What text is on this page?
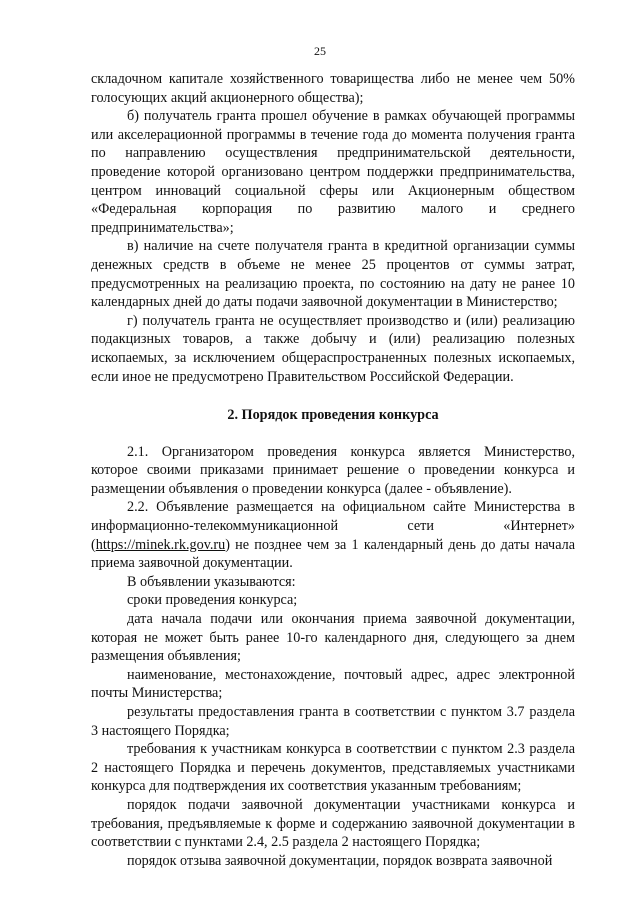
25

складочном капитале хозяйственного товарищества либо не менее чем 50% голосующих акций акционерного общества);

б) получатель гранта прошел обучение в рамках обучающей программы или акселерационной программы в течение года до момента получения гранта по направлению осуществления предпринимательской деятельности, проведение которой организовано центром поддержки предпринимательства, центром инноваций социальной сферы или Акционерным обществом «Федеральная корпорация по развитию малого и среднего предпринимательства»;

в) наличие на счете получателя гранта в кредитной организации суммы денежных средств в объеме не менее 25 процентов от суммы затрат, предусмотренных на реализацию проекта, по состоянию на дату не ранее 10 календарных дней до даты подачи заявочной документации в Министерство;

г) получатель гранта не осуществляет производство и (или) реализацию подакцизных товаров, а также добычу и (или) реализацию полезных ископаемых, за исключением общераспространенных полезных ископаемых, если иное не предусмотрено Правительством Российской Федерации.

2. Порядок проведения конкурса

2.1. Организатором проведения конкурса является Министерство, которое своими приказами принимает решение о проведении конкурса и размещении объявления о проведении конкурса (далее - объявление).

2.2. Объявление размещается на официальном сайте Министерства в информационно-телекоммуникационной сети «Интернет» (https://minek.rk.gov.ru) не позднее чем за 1 календарный день до даты начала приема заявочной документации.

В объявлении указываются:

сроки проведения конкурса;

дата начала подачи или окончания приема заявочной документации, которая не может быть ранее 10-го календарного дня, следующего за днем размещения объявления;

наименование, местонахождение, почтовый адрес, адрес электронной почты Министерства;

результаты предоставления гранта в соответствии с пунктом 3.7 раздела 3 настоящего Порядка;

требования к участникам конкурса в соответствии с пунктом 2.3 раздела 2 настоящего Порядка и перечень документов, представляемых участниками конкурса для подтверждения их соответствия указанным требованиям;

порядок подачи заявочной документации участниками конкурса и требования, предъявляемые к форме и содержанию заявочной документации в соответствии с пунктами 2.4, 2.5 раздела 2 настоящего Порядка;

порядок отзыва заявочной документации, порядок возврата заявочной
